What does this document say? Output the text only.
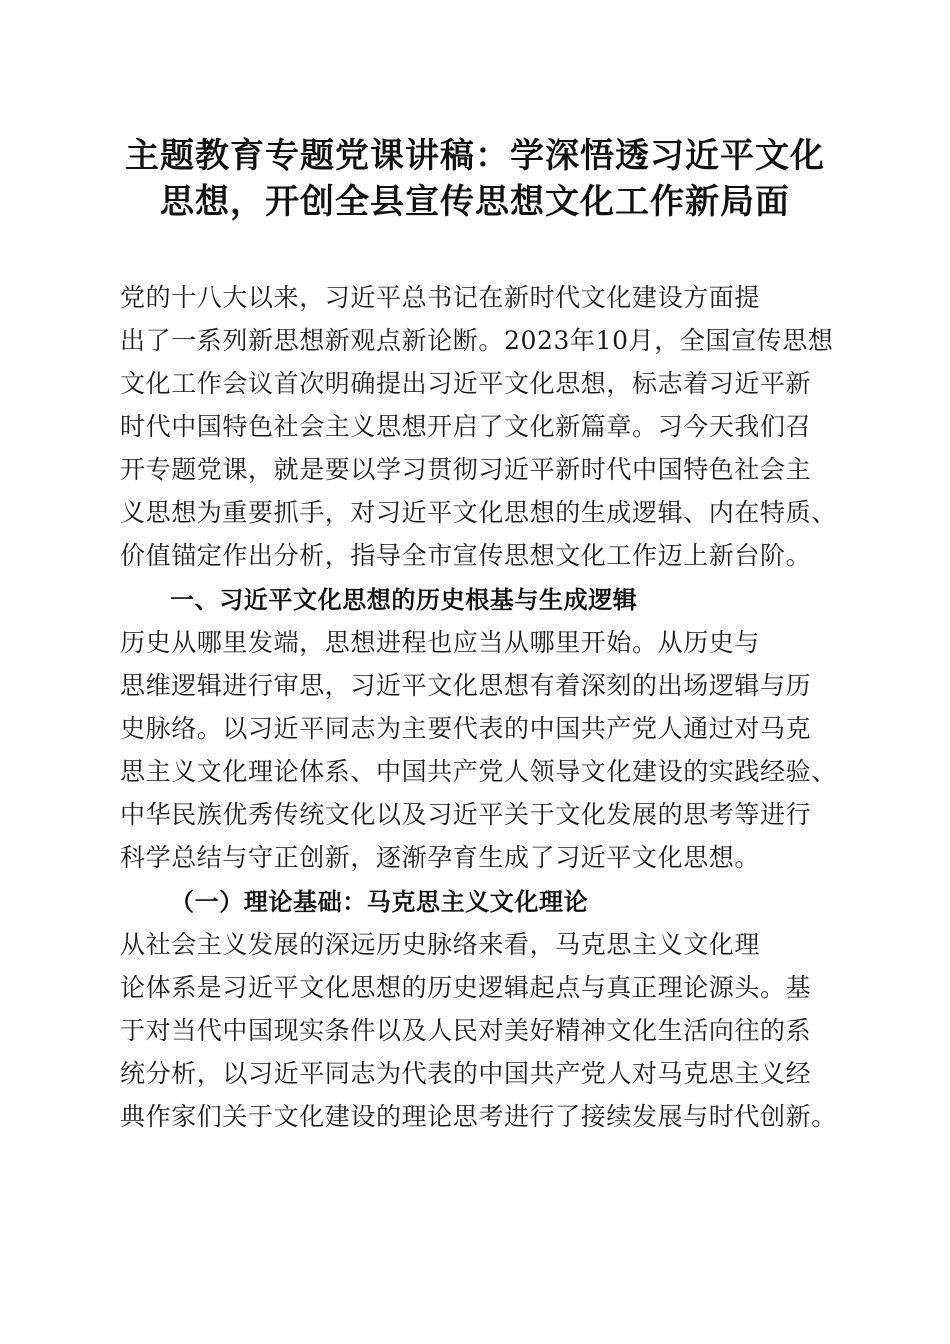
主题教育专题党课讲稿：学深悟透习近平文化
思想，开创全县宣传思想文化工作新局面
党的十八大以来，习近平总书记在新时代文化建设方面提
出了一系列新思想新观点新论断。2023年10月，全国宣传思想
文化工作会议首次明确提出习近平文化思想，标志着习近平新
时代中国特色社会主义思想开启了文化新篇章。习今天我们召
开专题党课，就是要以学习贯彻习近平新时代中国特色社会主
义思想为重要抓手，对习近平文化思想的生成逻辑、内在特质、
价值锚定作出分析，指导全市宣传思想文化工作迈上新台阶。
一、习近平文化思想的历史根基与生成逻辑
历史从哪里发端，思想进程也应当从哪里开始。从历史与
思维逻辑进行审思，习近平文化思想有着深刻的出场逻辑与历
史脉络。以习近平同志为主要代表的中国共产党人通过对马克
思主义文化理论体系、中国共产党人领导文化建设的实践经验、
中华民族优秀传统文化以及习近平关于文化发展的思考等进行
科学总结与守正创新，逐渐孕育生成了习近平文化思想。
（一）理论基础：马克思主义文化理论
从社会主义发展的深远历史脉络来看，马克思主义文化理
论体系是习近平文化思想的历史逻辑起点与真正理论源头。基
于对当代中国现实条件以及人民对美好精神文化生活向往的系
统分析，以习近平同志为代表的中国共产党人对马克思主义经
典作家们关于文化建设的理论思考进行了接续发展与时代创新。
